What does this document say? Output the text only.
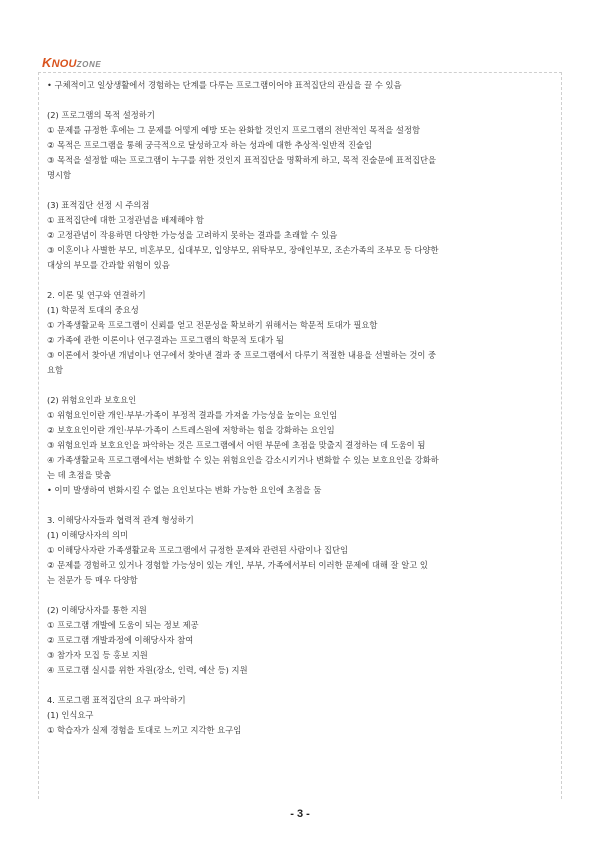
KNOUZONE

• 구체적이고 일상생활에서 경험하는 단계를 다루는 프로그램이어야 표적집단의 관심을 끌 수 있음

(2) 프로그램의 목적 설정하기

① 문제를 규정한 후에는 그 문제를 어떻게 예방 또는 완화할 것인지 프로그램의 전반적인 목적을 설정함

② 목적은 프로그램을 통해 궁극적으로 달성하고자 하는 성과에 대한 추상적·일반적 진술임

③ 목적을 설정할 때는 프로그램이 누구를 위한 것인지 표적집단을 명확하게 하고, 목적 진술문에 표적집단을

명시함

(3) 표적집단 선정 시 주의점

① 표적집단에 대한 고정관념을 배제해야 함

② 고정관념이 작용하면 다양한 가능성을 고려하지 못하는 결과를 초래할 수 있음

③ 이혼이나 사별한 부모, 비혼부모, 십대부모, 입양부모, 위탁부모, 장애인부모, 조손가족의 조부모 등 다양한

대상의 부모를 간과할 위험이 있음

2. 이론 및 연구와 연결하기

(1) 학문적 토대의 중요성

① 가족생활교육 프로그램이 신뢰를 얻고 전문성을 확보하기 위해서는 학문적 토대가 필요함

② 가족에 관한 이론이나 연구결과는 프로그램의 학문적 토대가 됨

③ 이론에서 찾아낸 개념이나 연구에서 찾아낸 결과 중 프로그램에서 다루기 적절한 내용을 선별하는 것이 중

요함

(2) 위험요인과 보호요인

① 위험요인이란 개인·부부·가족이 부정적 결과를 가져올 가능성을 높이는 요인임

② 보호요인이란 개인·부부·가족이 스트레스원에 저항하는 힘을 강화하는 요인임

③ 위험요인과 보호요인을 파악하는 것은 프로그램에서 어떤 부문에 초점을 맞출지 결정하는 데 도움이 됨

④ 가족생활교육 프로그램에서는 변화할 수 있는 위험요인을 감소시키거나 변화할 수 있는 보호요인을 강화하

는 데 초점을 맞춤

• 이미 발생하여 변화시킬 수 없는 요인보다는 변화 가능한 요인에 초점을 둠

3. 이해당사자들과 협력적 관계 형성하기

(1) 이해당사자의 의미

① 이해당사자란 가족생활교육 프로그램에서 규정한 문제와 관련된 사람이나 집단임

② 문제를 경험하고 있거나 경험할 가능성이 있는 개인, 부부, 가족에서부터 이러한 문제에 대해 잘 알고 있

는 전문가 등 매우 다양함

(2) 이해당사자를 통한 지원

① 프로그램 개발에 도움이 되는 정보 제공

② 프로그램 개발과정에 이해당사자 참여

③ 참가자 모집 등 홍보 지원

④ 프로그램 실시를 위한 자원(장소, 인력, 예산 등) 지원

4. 프로그램 표적집단의 요구 파악하기

(1) 인식요구

① 학습자가 실제 경험을 토대로 느끼고 지각한 요구임

- 3 -
